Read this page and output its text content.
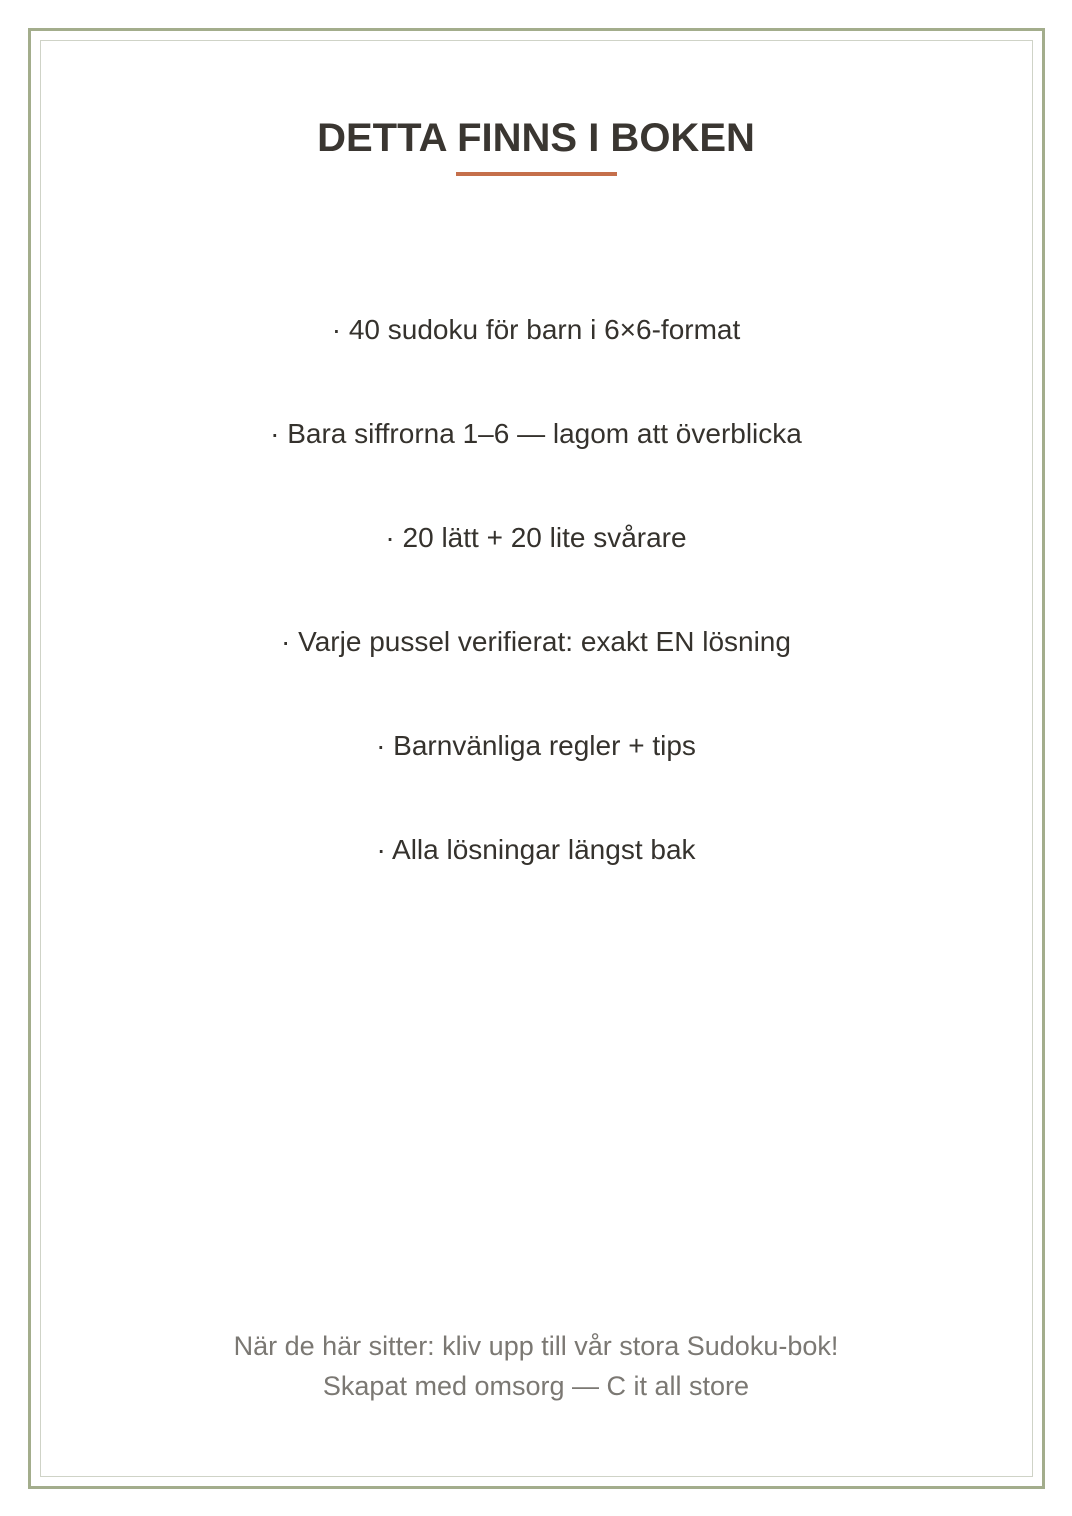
DETTA FINNS I BOKEN
· 40 sudoku för barn i 6×6-format
· Bara siffrorna 1–6 — lagom att överblicka
· 20 lätt + 20 lite svårare
· Varje pussel verifierat: exakt EN lösning
· Barnvänliga regler + tips
· Alla lösningar längst bak
När de här sitter: kliv upp till vår stora Sudoku-bok!
Skapat med omsorg — C it all store
